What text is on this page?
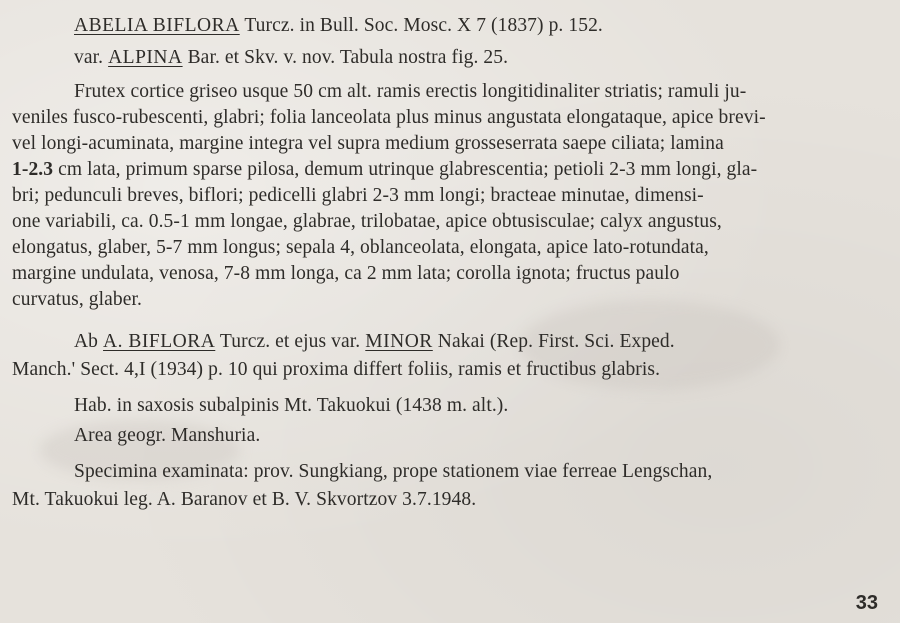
ABELIA BIFLORA Turcz. in Bull. Soc. Mosc. X 7 (1837) p. 152.
var. ALPINA Bar. et Skv. v. nov. Tabula nostra fig. 25.
Frutex cortice griseo usque 50 cm alt. ramis erectis longitidinaliter striatis; ramuli ju-
veniles fusco-rubescenti, glabri; folia lanceolata plus minus angustata elongataque, apice brevi-
vel longi-acuminata, margine integra vel supra medium grosseserrata saepe ciliata; lamina
1-2.3 cm lata, primum sparse pilosa, demum utrinque glabrescentia; petioli 2-3 mm longi, gla-
bri; pedunculi breves, biflori; pedicelli glabri 2-3 mm longi; bracteae minutae, dimensi-
one variabili, ca. 0.5-1 mm longae, glabrae, trilobatae, apice obtusisculae; calyx angustus,
elongatus, glaber, 5-7 mm longus; sepala 4, oblanceolata, elongata, apice lato-rotundata,
margine undulata, venosa, 7-8 mm longa, ca 2 mm lata; corolla ignota; fructus paulo
curvatus, glaber.
Ab A. BIFLORA Turcz. et ejus var. MINOR Nakai (Rep. First. Sci. Exped.
Manch.' Sect. 4,I (1934) p. 10 qui proxima differt foliis, ramis et fructibus glabris.
Hab. in saxosis subalpinis Mt. Takuokui (1438 m. alt.).
Area geogr. Manshuria.
Specimina examinata: prov. Sungkiang, prope stationem viae ferreae Lengschan,
Mt. Takuokui leg. A. Baranov et B. V. Skvortzov 3.7.1948.
33
